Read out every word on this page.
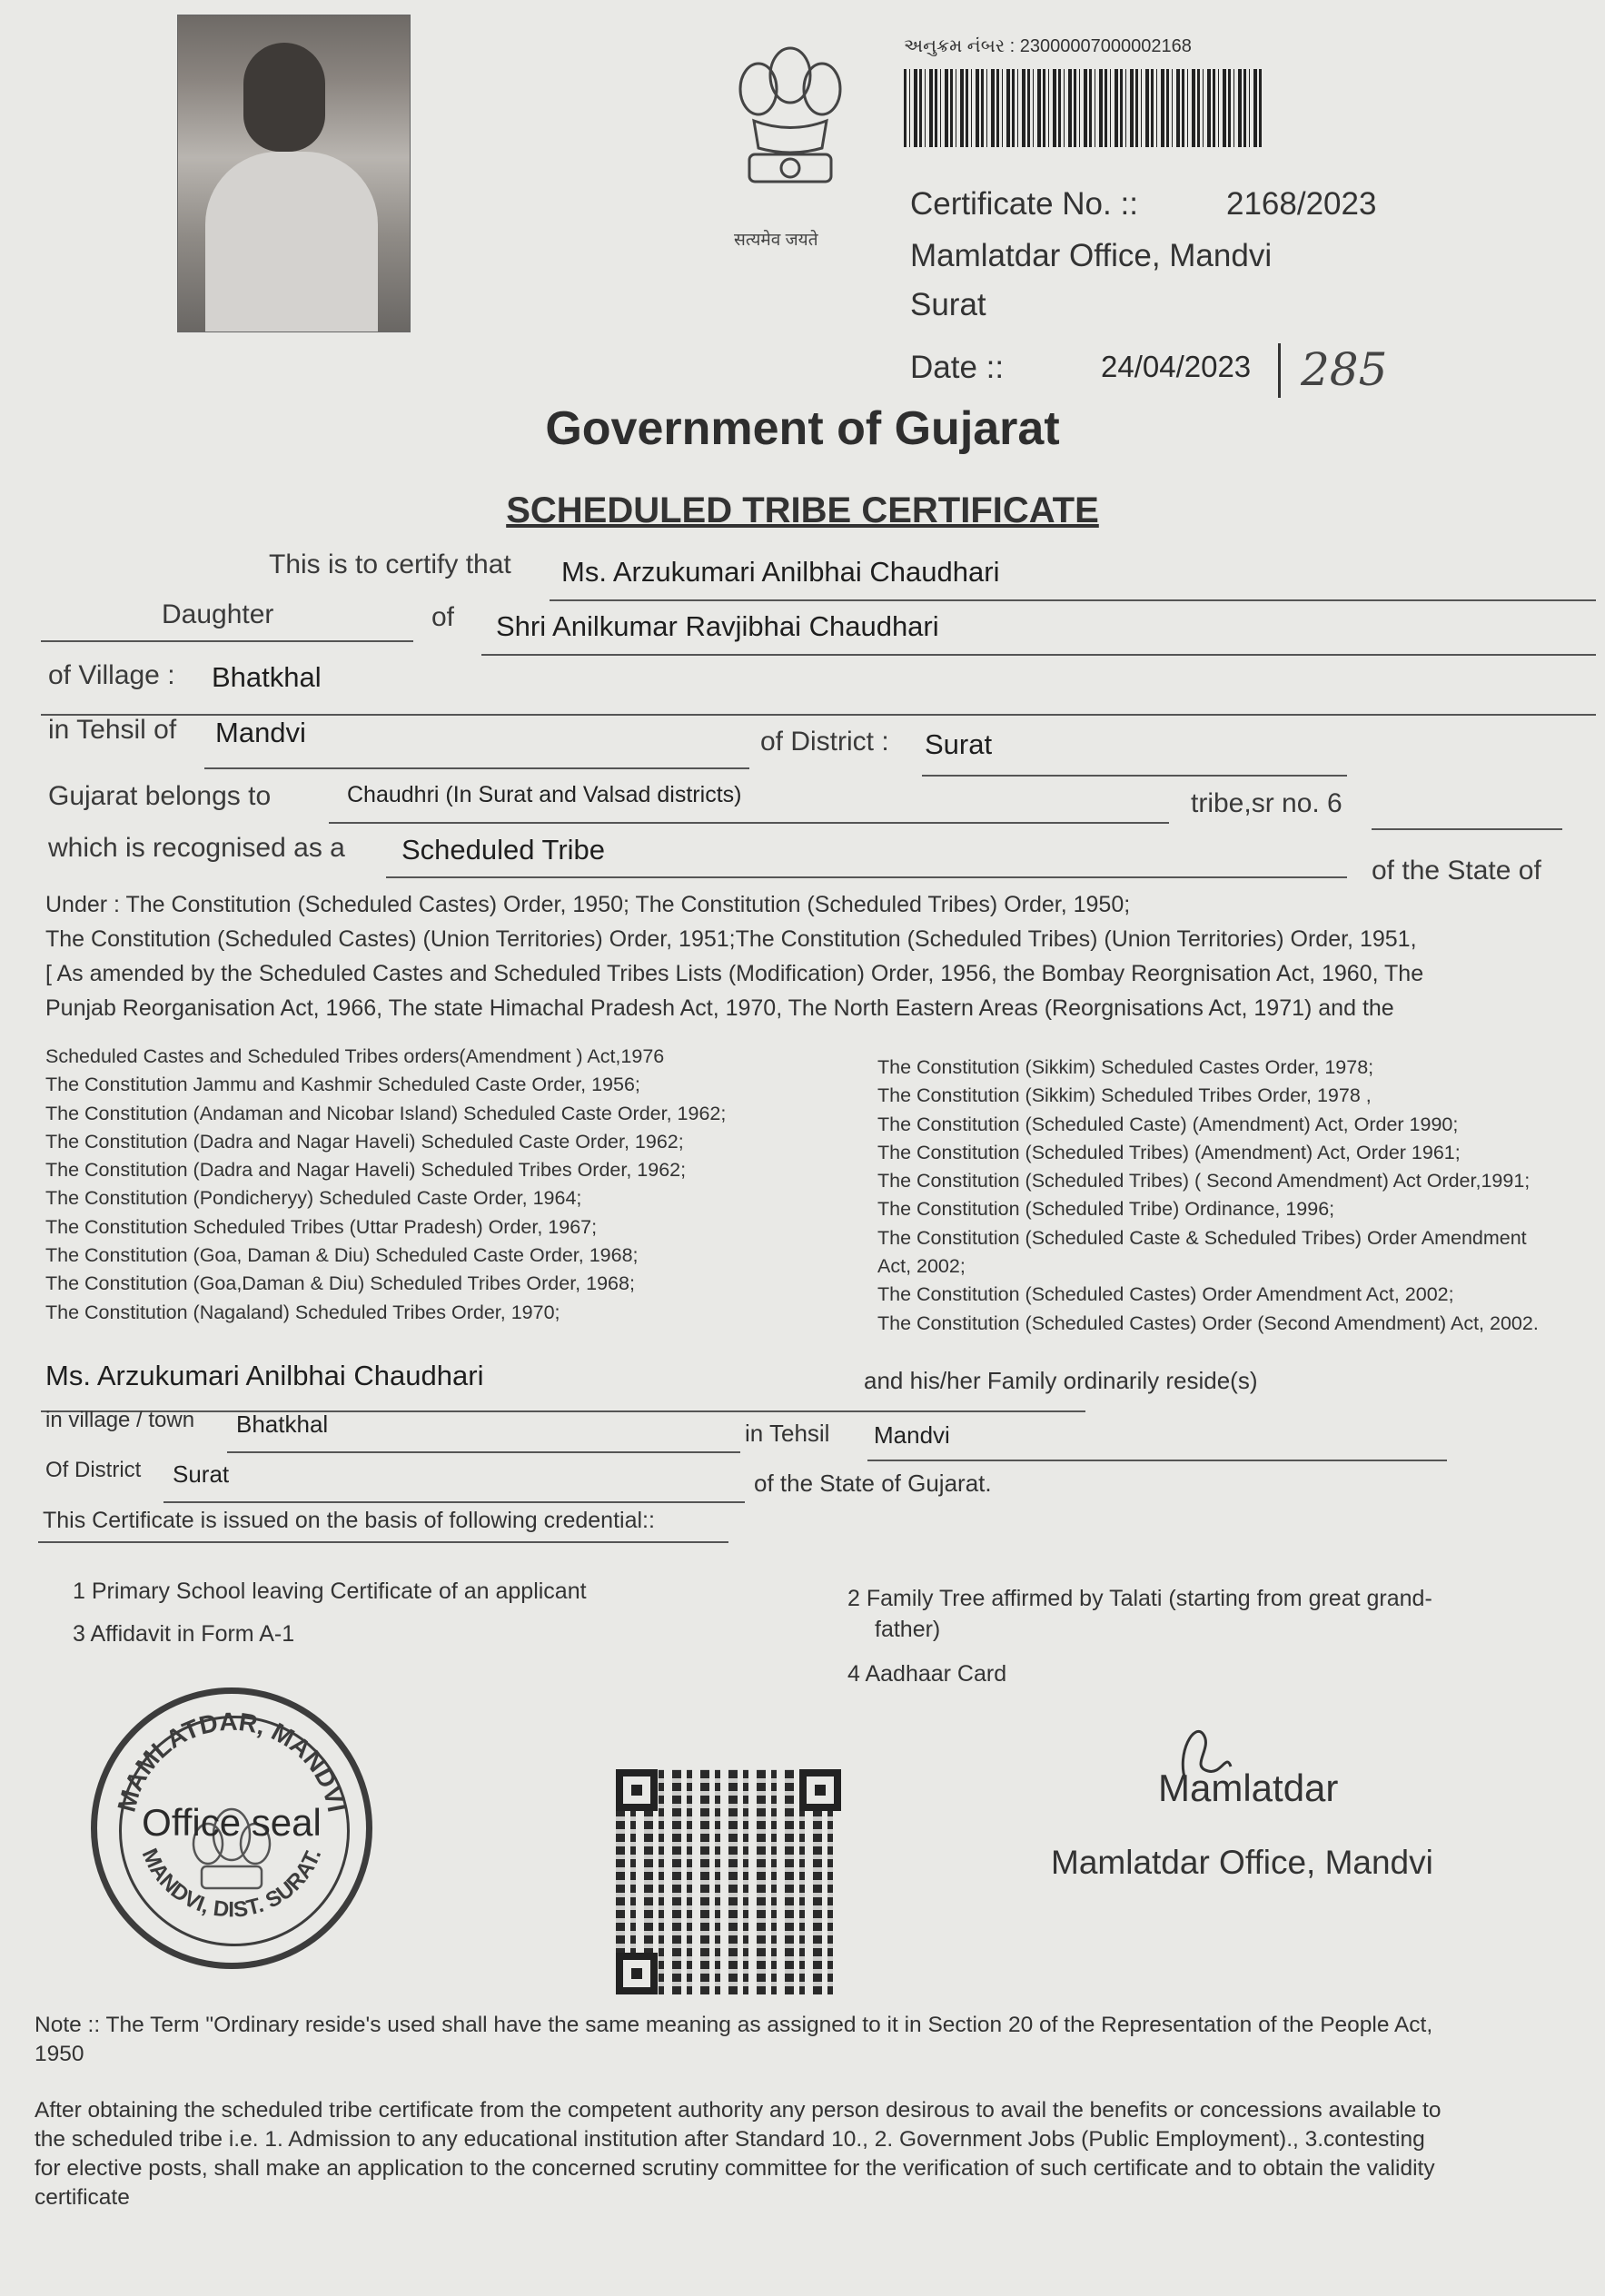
सत्यमेव जयते
અનુક્રમ નંબર : 23000007000002168
Certificate No. ::	2168/2023
Mamlatdar Office, Mandvi
Surat
Date ::	24/04/2023 285
Government of Gujarat
SCHEDULED TRIBE CERTIFICATE
This is to certify that Ms. Arzukumari Anilbhai Chaudhari
Daughter	of Shri Anilkumar Ravjibhai Chaudhari
of Village : Bhatkhal
in Tehsil of Mandvi	of District : Surat
Gujarat belongs to	Chaudhri (In Surat and Valsad districts)	tribe,sr no. 6
which is recognised as a Scheduled Tribe
of the State of
Under : The Constitution (Scheduled Castes) Order, 1950; The Constitution (Scheduled Tribes) Order, 1950;
The Constitution (Scheduled Castes) (Union Territories) Order, 1951;The Constitution (Scheduled Tribes) (Union Territories) Order, 1951,
[ As amended by the Scheduled Castes and Scheduled Tribes Lists (Modification) Order, 1956, the Bombay Reorgnisation Act, 1960, The
Punjab Reorganisation Act, 1966, The state Himachal Pradesh Act, 1970, The North Eastern Areas (Reorgnisations Act, 1971) and the
Scheduled Castes and Scheduled Tribes orders(Amendment ) Act,1976
The Constitution Jammu and Kashmir Scheduled Caste Order, 1956;
The Constitution (Andaman and Nicobar Island) Scheduled Caste Order, 1962;
The Constitution (Dadra and Nagar Haveli) Scheduled Caste Order, 1962;
The Constitution (Dadra and Nagar Haveli) Scheduled Tribes Order, 1962;
The Constitution (Pondicheryy) Scheduled Caste Order, 1964;
The Constitution Scheduled Tribes (Uttar Pradesh) Order, 1967;
The Constitution (Goa, Daman & Diu) Scheduled Caste Order, 1968;
The Constitution (Goa,Daman & Diu) Scheduled Tribes Order, 1968;
The Constitution (Nagaland) Scheduled Tribes Order, 1970;
The Constitution (Sikkim) Scheduled Castes Order, 1978;
The Constitution (Sikkim) Scheduled Tribes Order, 1978 ,
The Constitution (Scheduled Caste) (Amendment) Act, Order 1990;
The Constitution (Scheduled Tribes) (Amendment) Act, Order 1961;
The Constitution (Scheduled Tribes) ( Second Amendment) Act Order,1991;
The Constitution (Scheduled Tribe) Ordinance, 1996;
The Constitution (Scheduled Caste & Scheduled Tribes) Order Amendment
Act, 2002;
The Constitution (Scheduled Castes) Order Amendment Act, 2002;
The Constitution (Scheduled Castes) Order (Second Amendment) Act, 2002.
Ms. Arzukumari Anilbhai Chaudhari	and his/her Family ordinarily reside(s)
in village / town Bhatkhal	in Tehsil Mandvi
Of District Surat	of the State of Gujarat.
This Certificate is issued on the basis of following credential::
1 Primary School leaving Certificate of an applicant
3 Affidavit in Form A-1
2 Family Tree affirmed by Talati (starting from great grand-
father)
4 Aadhaar Card
MAMLATDAR, MANDVI
MANDVI, DIST. SURAT.
Office seal
Mamlatdar
Mamlatdar Office, Mandvi
Note :: The Term "Ordinary reside's used shall have the same meaning as assigned to it in Section 20 of the Representation of the People Act,
1950
After obtaining the scheduled tribe certificate from the competent authority any person desirous to avail the benefits or concessions available to
the scheduled tribe i.e. 1. Admission to any educational institution after Standard 10., 2. Government Jobs (Public Employment)., 3.contesting
for elective posts, shall make an application to the concerned scrutiny committee for the verification of such certificate and to obtain the validity
certificate
